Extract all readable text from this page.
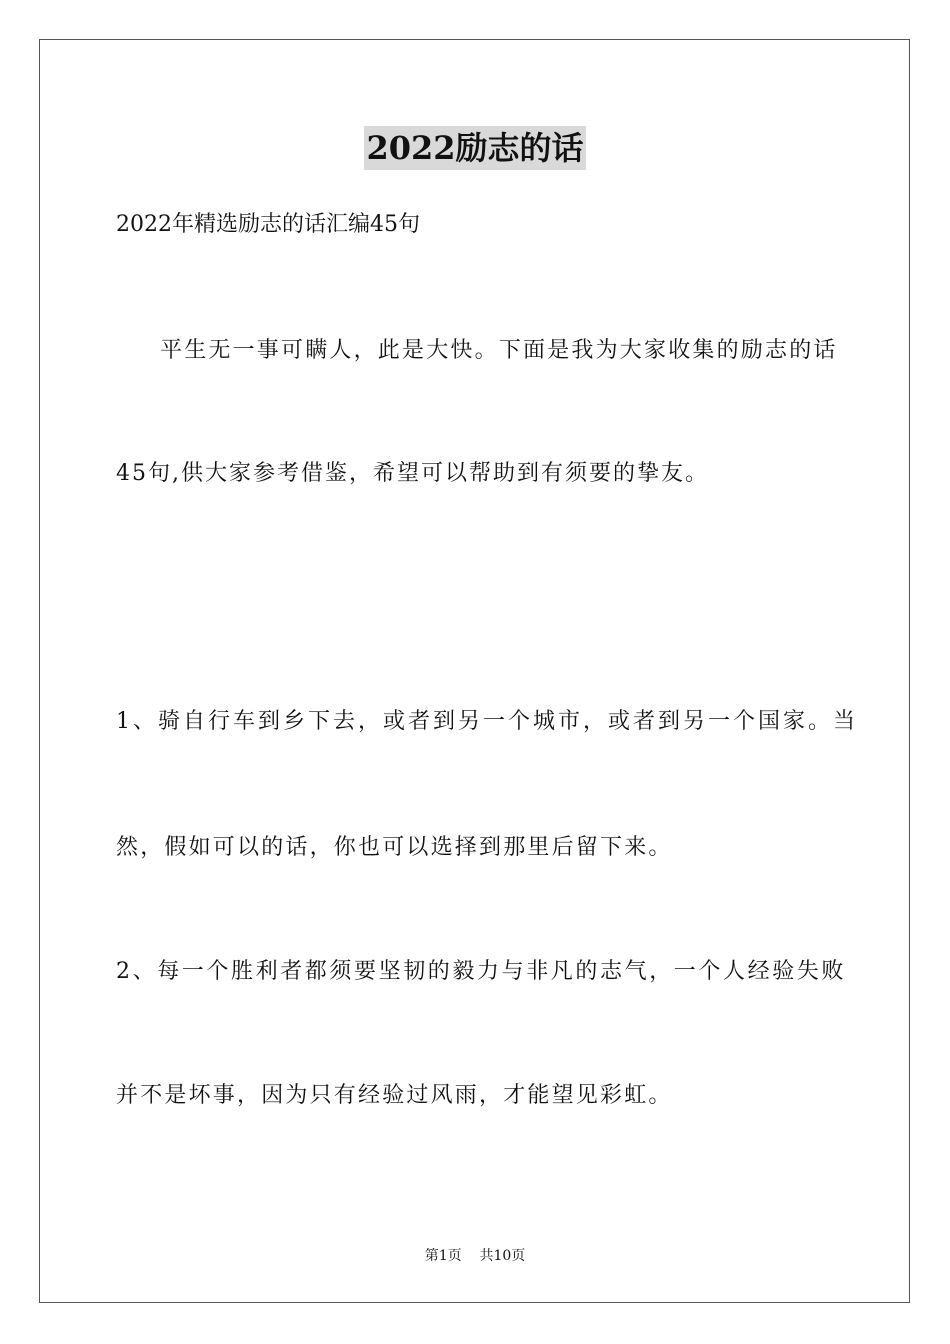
2022励志的话
2022年精选励志的话汇编45句
平生无一事可瞒人，此是大快。下面是我为大家收集的励志的话
45句,供大家参考借鉴，希望可以帮助到有须要的挚友。
1、骑自行车到乡下去，或者到另一个城市，或者到另一个国家。当
然，假如可以的话，你也可以选择到那里后留下来。
2、每一个胜利者都须要坚韧的毅力与非凡的志气，一个人经验失败
并不是坏事，因为只有经验过风雨，才能望见彩虹。
第1页    共10页
